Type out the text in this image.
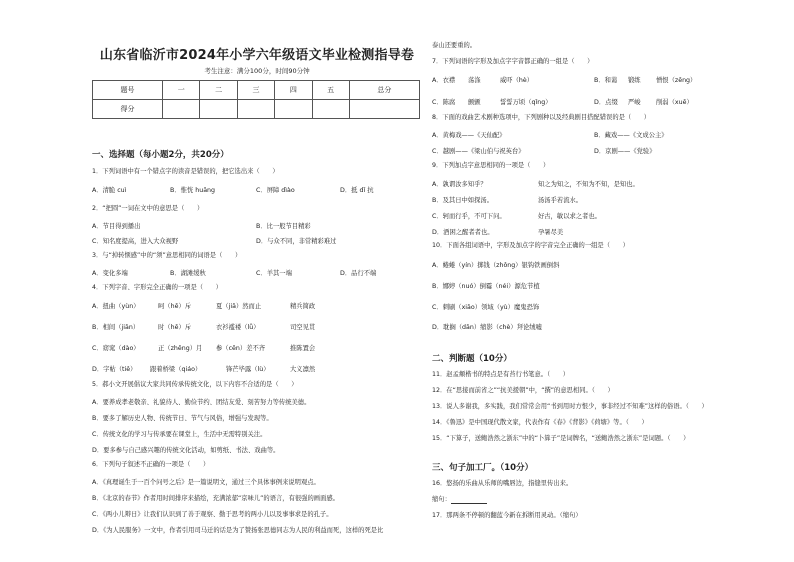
山东省临沂市2024年小学六年级语文毕业检测指导卷
考生注意：满分100分，时间90分钟
题号	一	二	三	四	五	总分
得分						
一、选择题（每小题2分，共20分）
1．下列词语中有一个错点字的读音是错误的，把它选出来（　　）
A．清脆 cuì	B．惟恍 huāng	C．屏障 dìào	D．抵 dǐ 抗
2．“把圆”一词在文中的意思是（　　）
A．节目得到播出	B．比一般节目精彩
C．知名度提高，进入大众视野	D．与众不同，非常精彩难过
3．与“掉转惬感”中的“须”意思相同的词语是（　　）
A．变化多端	B．湖滩缓秋	C．羊其一端	D．品行不端
4．下列字音、字形完全正确的一项是（　　）
A．扭曲（yùn）	呵（hē）斥	夏（jiā）然而止	精兵简政
B．相间（jiān）	时（hē）斥	衣衫褴褛（lǚ）	司空见贯
C．窈窕（dào）	正（zhēng）月 参（cēn）差不齐	推陈置会
D．字帖（tiě） 跟着桥梁（qiáo）	锋芒毕露（lù）	大义凛然
5．郝小文开展倡议大家共同传承传统文化，以下内容不合适的是（　　）
A．要养成孝老敬亲、礼貌待人、勤俭节约、团结友爱、刻苦努力等传统美德。
B．要多了解历史人物、传统节日、节气与风俗，增强与发现等。
C．传统文化的学习与传承要在课堂上，生活中无需特别关注。
D．要多参与自己感兴趣的传统文化活动，如剪纸、书法、戏曲等。
6．下列句子叙述不正确的一项是（　　）
A．《真理诞生于一百个问号之后》是一篇说明文，通过三个具体事例来说明观点。
B．《北京的春节》作者用时间排序来描绘，充满浓郁“京味儿”的语言，有很强的画面感。
C．《两小儿辩日》让我们认识到了善于观察、勤于思考的两小儿以及事事求是的孔子。
D．《为人民服务》一文中，作者引用司马迁的话是为了赞扬张思德同志为人民的利益而死，这样的死是比
泰山还要重的。
7．下列词语的字形及加点字字音都正确的一组是（　　）
A．衣襟 荡涤	威吓（hè）	B．和蔼 锻练 憎恨（zēng）
C．陈腐 颤颤	誓誓万顷（qǐng）	D．点缀 严峻 削弱（xuē）
8．下面的戏曲艺术剧种选项中，下列剧种以及经典剧目搭配错误的是（　　）
A．黄梅戏——《天仙配》	B．藏戏——《文成公主》
C．越剧——《梁山伯与祝英台》	D．京剧——《党验》
9．下列加点字意思相同的一项是（　　）
A．孰谓汝多知乎？	知之为知之，不知为不知，是知也。
B．及其日中如探汤。	汤汤乎若流水。
C．轲而行乎，不可下问。	好古，敏以求之者也。
D．酒困之醒者者也。	孕暑尽美
10．下面各组词语中，字形及加点字的字音完全正确的一组是（　　）
A．蜷蜷（yín）掷钱（zhǒng）银钩铁画倒斜
B．娜婷（nuó）倒霉（néi）源危节植
C．刺刷（xiāo）领域（yù）魔鬼恐饰
D．耽搁（dān）缩影（chè）拜论绒嘘
二、判断题（10分）
11．赵孟頫楷书的特点是有苔行书笔意。（　　）
12．在“思接而前省之”“抗美援朝”中，“撰”的意思相同。（　　）
13．说人多谢我，多实践，我们常常会用“书到用时方恨少，事非经过不知难”这样的俗语。（　　）
14．《鲁迅》是中国现代散文家，代表作有《春》《背影》《荷塘》等。（　　）
15．“下算子，送鲍浩然之浙东”中的“卜算子”是词牌名，“送鲍浩然之浙东”是词题。（　　）
三、句子加工厂。（10分）
16．悠扬的乐曲从乐师的嘴唇边，指缝里传出来。
缩句：
17．那两条不停顿的翻蓝今新在拆断用灵动。（缩句）
